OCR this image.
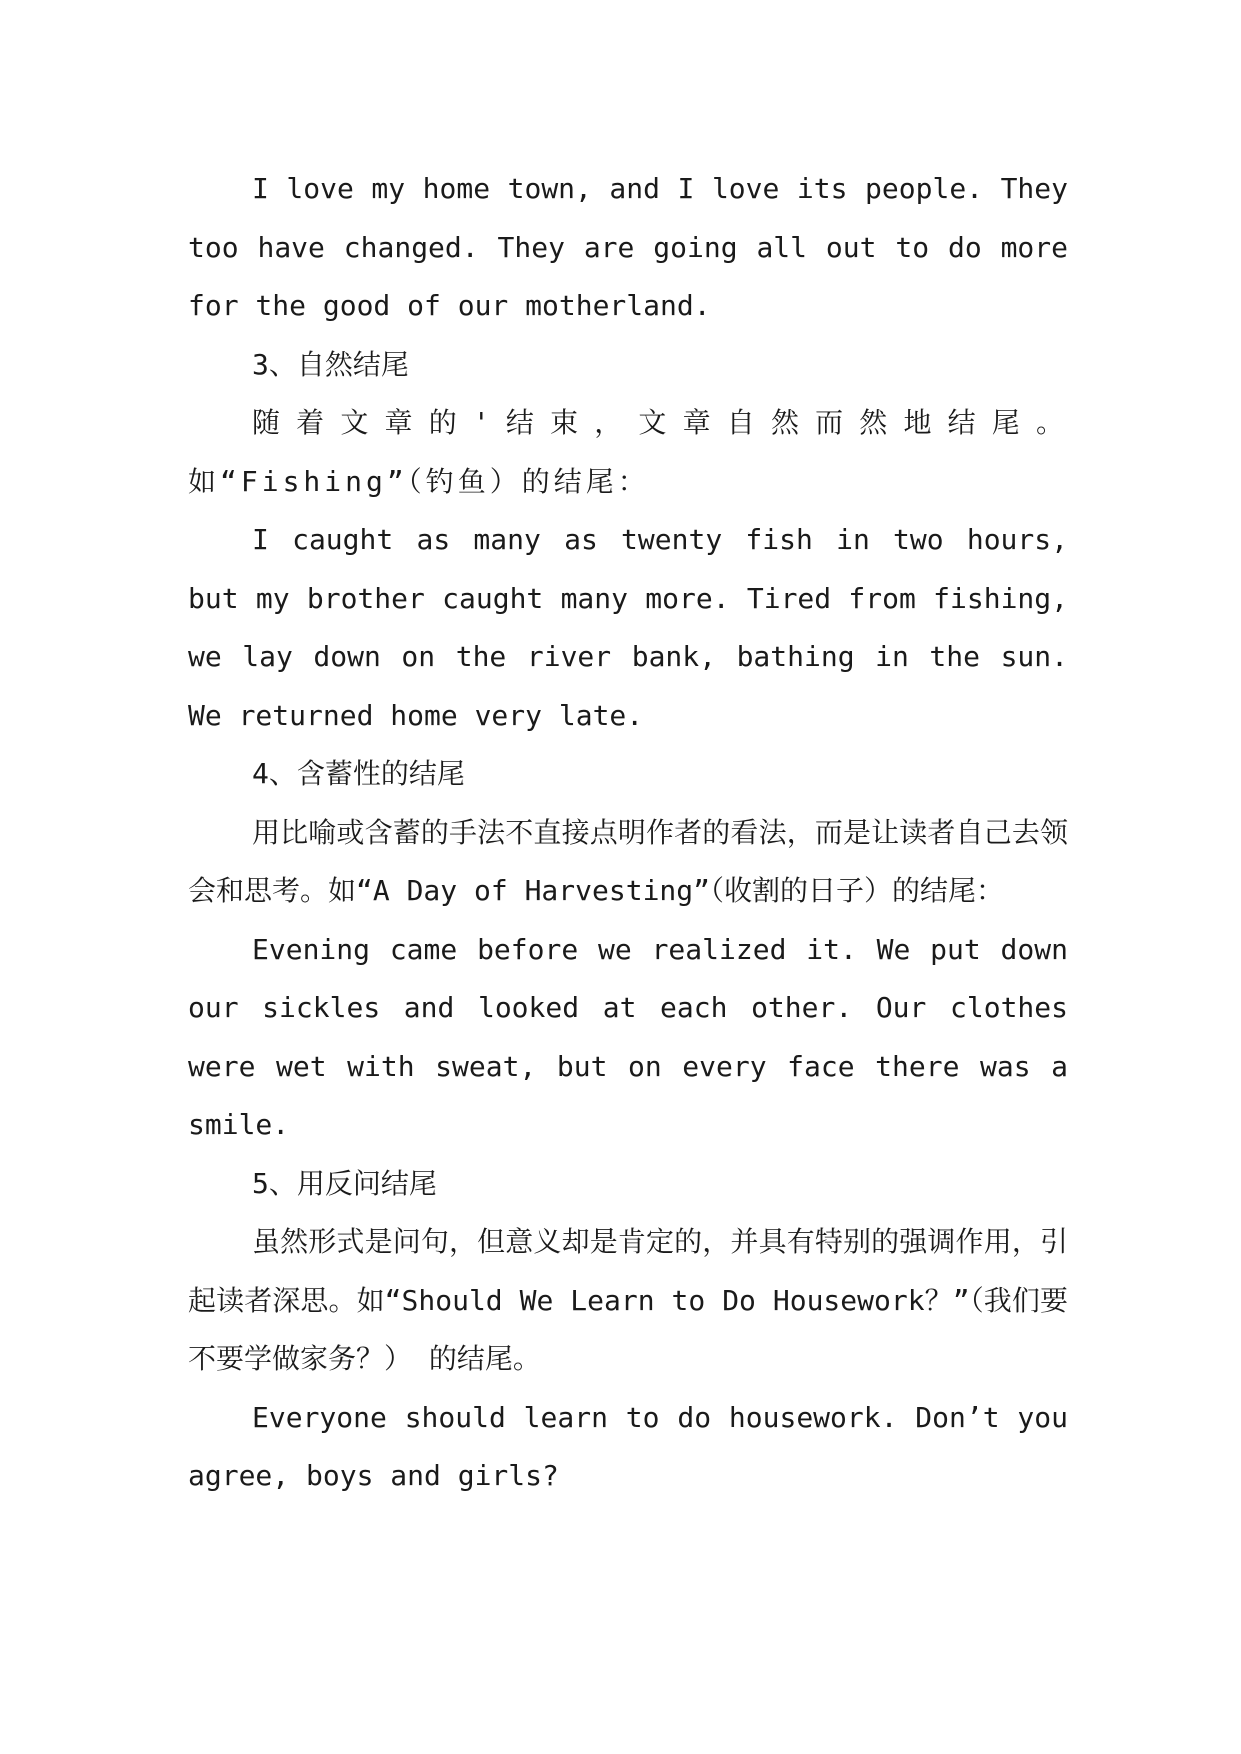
I love my home town, and I love its people. They too have changed. They are going all out to do more for the good of our motherland.

3、自然结尾

随着文章的'结束，文章自然而然地结尾。如“Fishing”（钓鱼）的结尾：

I caught as many as twenty fish in two hours, but my brother caught many more. Tired from fishing, we lay down on the river bank, bathing in the sun. We returned home very late.

4、含蓄性的结尾

用比喻或含蓄的手法不直接点明作者的看法，而是让读者自己去领会和思考。如“A Day of Harvesting”（收割的日子）的结尾：

Evening came before we realized it. We put down our sickles and looked at each other. Our clothes were wet with sweat, but on every face there was a smile.

5、用反问结尾

虽然形式是问句，但意义却是肯定的，并具有特别的强调作用，引起读者深思。如“Should We Learn to Do Housework？”（我们要不要学做家务？） 的结尾。

Everyone should learn to do housework. Don’t you agree, boys and girls?
